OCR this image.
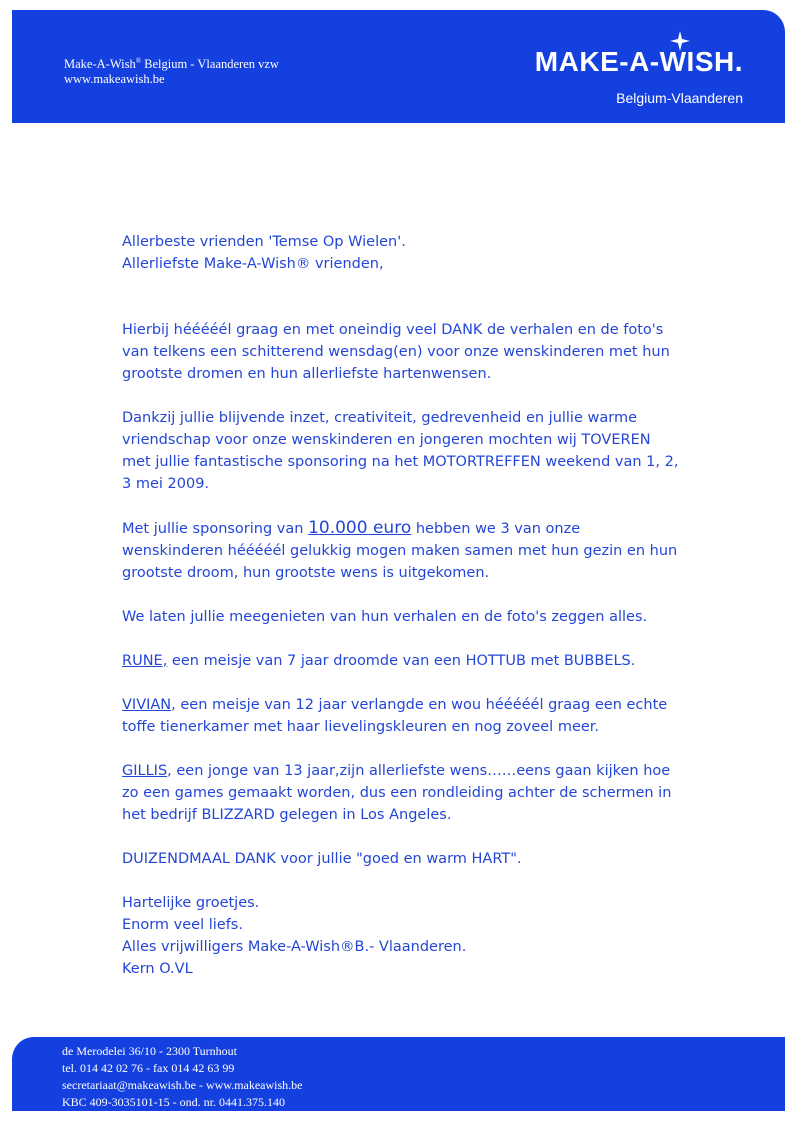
Make-A-Wish® Belgium - Vlaanderen vzw
www.makeawish.be
MAKE-A-WISH.
Belgium-Vlaanderen

Allerbeste vrienden 'Temse Op Wielen'.

Allerliefste Make-A-Wish® vrienden,

Hierbij hééééél graag en met oneindig veel DANK de verhalen en de foto's van telkens een schitterend wensdag(en) voor onze wenskinderen met hun grootste dromen en hun allerliefste hartenwensen.

Dankzij jullie blijvende inzet, creativiteit, gedrevenheid en jullie warme vriendschap voor onze wenskinderen en jongeren mochten wij TOVEREN met jullie fantastische sponsoring na het MOTORTREFFEN weekend van 1, 2, 3 mei 2009.

Met jullie sponsoring van 10.000 euro hebben we 3 van onze wenskinderen hééééél gelukkig mogen maken samen met hun gezin en hun grootste droom, hun grootste wens is uitgekomen.

We laten jullie meegenieten van hun verhalen en de foto's zeggen alles.

RUNE, een meisje van 7 jaar droomde van een HOTTUB met BUBBELS.

VIVIAN, een meisje van 12 jaar verlangde en wou hééééél graag een echte toffe tienerkamer met haar lievelingskleuren en nog zoveel meer.

GILLIS, een jonge van 13 jaar,zijn allerliefste wens……eens gaan kijken hoe zo een games gemaakt worden, dus een rondleiding achter de schermen in het bedrijf BLIZZARD gelegen in Los Angeles.

DUIZENDMAAL DANK voor jullie "goed en warm HART".

Hartelijke groetjes.

Enorm veel liefs.

Alles vrijwilligers Make-A-Wish®B.- Vlaanderen.

Kern O.VL

de Merodelei 36/10 - 2300 Turnhout
tel. 014 42 02 76 - fax 014 42 63 99
secretariaat@makeawish.be - www.makeawish.be
KBC 409-3035101-15 - ond. nr. 0441.375.140
